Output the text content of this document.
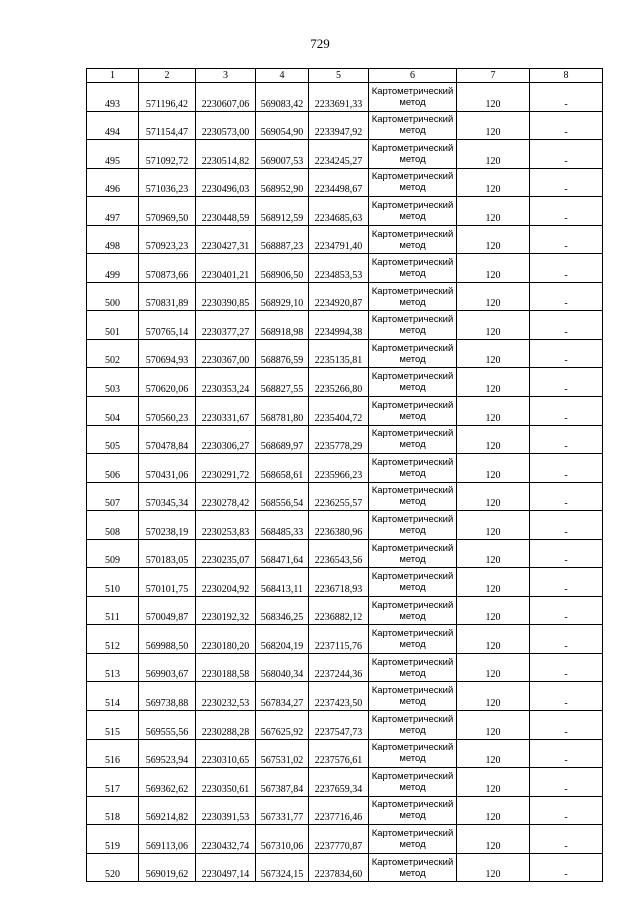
729
1	2	3	4	5	6	7	8
493	571196,42	2230607,06	569083,42	2233691,33	Картометрический
метод	120	-
494	571154,47	2230573,00	569054,90	2233947,92	Картометрический
метод	120	-
495	571092,72	2230514,82	569007,53	2234245,27	Картометрический
метод	120	-
496	571036,23	2230496,03	568952,90	2234498,67	Картометрический
метод	120	-
497	570969,50	2230448,59	568912,59	2234685,63	Картометрический
метод	120	-
498	570923,23	2230427,31	568887,23	2234791,40	Картометрический
метод	120	-
499	570873,66	2230401,21	568906,50	2234853,53	Картометрический
метод	120	-
500	570831,89	2230390,85	568929,10	2234920,87	Картометрический
метод	120	-
501	570765,14	2230377,27	568918,98	2234994,38	Картометрический
метод	120	-
502	570694,93	2230367,00	568876,59	2235135,81	Картометрический
метод	120	-
503	570620,06	2230353,24	568827,55	2235266,80	Картометрический
метод	120	-
504	570560,23	2230331,67	568781,80	2235404,72	Картометрический
метод	120	-
505	570478,84	2230306,27	568689,97	2235778,29	Картометрический
метод	120	-
506	570431,06	2230291,72	568658,61	2235966,23	Картометрический
метод	120	-
507	570345,34	2230278,42	568556,54	2236255,57	Картометрический
метод	120	-
508	570238,19	2230253,83	568485,33	2236380,96	Картометрический
метод	120	-
509	570183,05	2230235,07	568471,64	2236543,56	Картометрический
метод	120	-
510	570101,75	2230204,92	568413,11	2236718,93	Картометрический
метод	120	-
511	570049,87	2230192,32	568346,25	2236882,12	Картометрический
метод	120	-
512	569988,50	2230180,20	568204,19	2237115,76	Картометрический
метод	120	-
513	569903,67	2230188,58	568040,34	2237244,36	Картометрический
метод	120	-
514	569738,88	2230232,53	567834,27	2237423,50	Картометрический
метод	120	-
515	569555,56	2230288,28	567625,92	2237547,73	Картометрический
метод	120	-
516	569523,94	2230310,65	567531,02	2237576,61	Картометрический
метод	120	-
517	569362,62	2230350,61	567387,84	2237659,34	Картометрический
метод	120	-
518	569214,82	2230391,53	567331,77	2237716,46	Картометрический
метод	120	-
519	569113,06	2230432,74	567310,06	2237770,87	Картометрический
метод	120	-
520	569019,62	2230497,14	567324,15	2237834,60	Картометрический
метод	120	-
